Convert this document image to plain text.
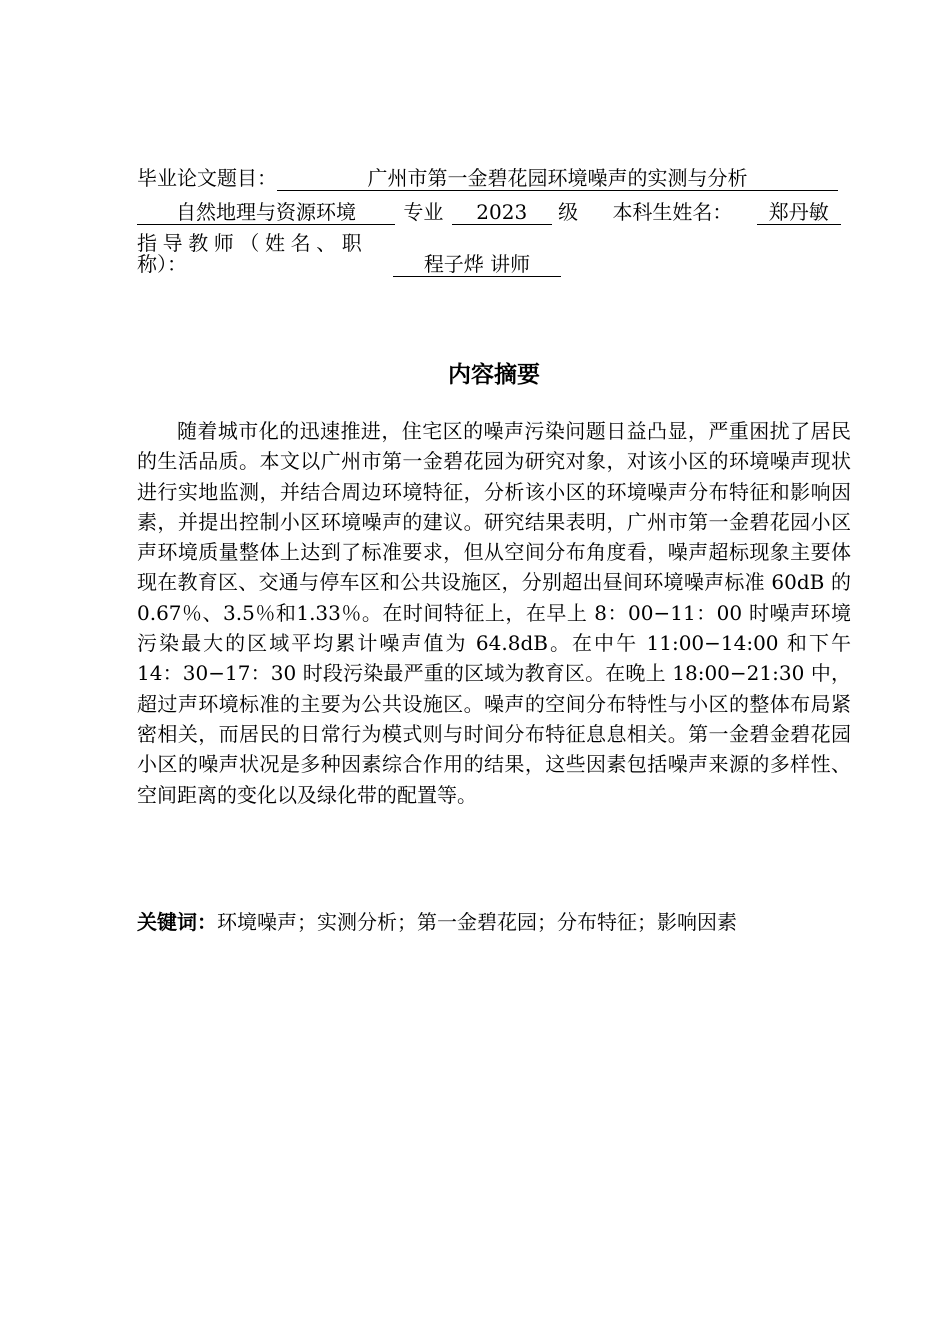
毕业论文题目：	广州市第一金碧花园环境噪声的实测与分析
自然地理与资源环境 专业 2023 级 本科生姓名： 郑丹敏
指导教师（姓名、职
称）：	程子烨 讲师
内容摘要
随着城市化的迅速推进，住宅区的噪声污染问题日益凸显，严重困扰了居民的生活品质。本文以广州市第一金碧花园为研究对象，对该小区的环境噪声现状进行实地监测，并结合周边环境特征，分析该小区的环境噪声分布特征和影响因素，并提出控制小区环境噪声的建议。研究结果表明，广州市第一金碧花园小区声环境质量整体上达到了标准要求，但从空间分布角度看，噪声超标现象主要体现在教育区、交通与停车区和公共设施区，分别超出昼间环境噪声标准 60dB 的 0.67％、3.5％和1.33％。在时间特征上，在早上 8：00−11：00 时噪声环境污染最大的区域平均累计噪声值为 64.8dB。在中午 11:00−14:00 和下午 14：30−17：30 时段污染最严重的区域为教育区。在晚上 18:00−21:30 中，超过声环境标准的主要为公共设施区。噪声的空间分布特性与小区的整体布局紧密相关，而居民的日常行为模式则与时间分布特征息息相关。第一金碧金碧花园小区的噪声状况是多种因素综合作用的结果，这些因素包括噪声来源的多样性、空间距离的变化以及绿化带的配置等。
关键词：环境噪声；实测分析；第一金碧花园；分布特征；影响因素
